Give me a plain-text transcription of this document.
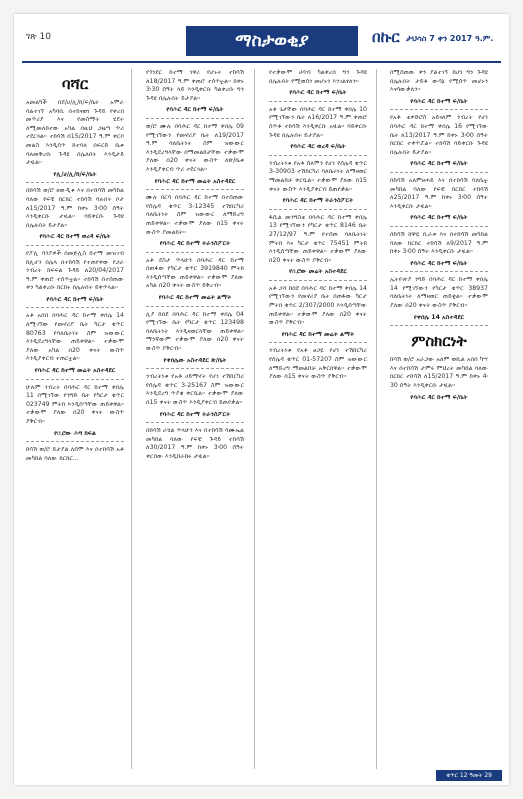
ገጽ 10	ማስታወቂያ	በኩር ታህሳስ 7 ቀን 2017 ዓ.ም.
ባሻር
አመልካች በደ/ሀ/ሊ/ከ/ፍ/ቤት አሞራ ባልተገኘ አካባቢ በተከናወነ ጉዳይ የቀረበ መጥሪያ እና የመስማት ሂደት ለሚመለከተው አካል በዚህ ጋዜጣ ጥሪ ተደርጓል፡፡ ተከሳሽ በ15/2017 ዓ.ም ቀርቦ መልስ እንዲሰጥ ከተባለ በፍርድ ቤቱ ባለመቅረቡ ጉዳዩ በሌለበት እንዲታይ ታዟል፡፡
የሊ/ሀ/ሊ/ከ/ፍ/ቤት
በከሳሽ ወ/ሮ ዘውዲቱ እና በተከሳሽ መካከል ባለው የፍቺ ክርክር ተከሳሽ ባሉበት ቦታ ለ15/2017 ዓ.ም ከቀኑ 3፡00 ሰዓት እንዲቀርቡ ታዟል፡፡ ባይቀርቡ ጉዳዩ በሌሉበት ይታያል፡፡
የባሕር ዳር ከተማ ወረዳ ፍ/ቤት
የፖሊ ባንያዎች በመጅሊስ ከተማ መዝገብ ከሊሆን በሌላ በተከሳሽ የተጠየቀው የጋራ ንብረት ክፍፍል ጉዳይ ለ20/04/2017 ዓ.ም ቀጠሮ ተሰጥቷል፡፡ ተከሳሽ በተሰጠው ቀን ካልቀረቡ ክርክሩ በሌሉበት ይቀጥላል፡፡
የባሕር ዳር ከተማ ፍ/ቤት
አቶ አበበ በባሕር ዳር ከተማ ቀበሌ 14 ለሚገኘው የመኖሪያ ቤት ካርታ ቁጥር 80763 የባለቤትነት ስም ዝውውር እንዲደረግላቸው ጠይቀዋል፡፡ ተቃውሞ ያለው አካል በ20 ቀናት ውስጥ እንዲያቀርብ ተጠርቷል፡፡
የባሕር ዳር ከተማ መሬት አስተዳደር
ሁሉም ንብረት በባሕር ዳር ከተማ ቀበሌ 11 በሚገኘው የንግድ ቤት የካርታ ቁጥር 023749 ምትክ እንዲሰጣቸው ጠይቀዋል፡፡ ተቃውሞ ያለው በ20 ቀናት ውስጥ ያቅርብ፡፡
የቢሮው ሕግ ክፍል
ከሳሽ ወ/ሮ ይታያል ለሰሞ እና በተከሳሽ አቶ መካከል ባለው ክርክር...
የጎንደር ከተማ ነዋሪ የሆኑት ተከሳሽ ለ18/2017 ዓ.ም ቀጠሮ ተሰጥቷል፡፡ ከቀኑ 3፡30 ሰዓት ላይ እንዲቀርቡ ካልቀረቡ ግን ጉዳዩ በሌሉበት ይታያል፡፡
የባሕር ዳር ከተማ ፍ/ቤት
ወ/ሮ ሙሉ በባሕር ዳር ከተማ ቀበሌ 09 የሚገኘውን የመኖሪያ ቤት ለ19/2017 ዓ.ም ባለቤትነት ስም ዝውውር እንዲደረግላቸው በማመልከታቸው ተቃውሞ ያለው በ20 ቀናት ውስጥ ለጽ/ቤቱ እንዲያቀርብ ጥሪ ተደርጓል፡፡
የባሕር ዳር ከተማ መሬት አስተዳደር
ሙሉ በርሳ በባሕር ዳር ከተማ በተሰጠው የሰሌዳ ቁጥር 3-12345 ተሽከርካሪ ባለቤትነት ስም ዝውውር ለማድረግ ጠይቀዋል፡፡ ተቃውሞ ያለው በ15 ቀናት ውስጥ ያመልክት፡፡
የባሕር ዳር ከተማ ትራንስፖርት
አቶ ደስታ ጥላሁን በባሕር ዳር ከተማ በጠፋው የካርታ ቁጥር 3919840 ምትክ እንዲሰጣቸው ጠይቀዋል፡፡ ተቃውሞ ያለው አካል በ20 ቀናት ውስጥ ይቅረብ፡፡
የባሕር ዳር ከተማ መሬት ልማት
ሊያ ከበደ በባሕር ዳር ከተማ ቀበሌ 04 የሚገኘው ቤት የካርታ ቁጥር 123498 ባለቤትነት እንዲዛወርላቸው ጠይቀዋል፡፡ ማንኛውም ተቃውሞ ያለው በ20 ቀናት ውስጥ ያቅርብ፡፡
የቀበሌው አስተዳደር ጽ/ቤት
ንብረትነቱ የአቶ ሀይማኖት የሆነ ተሽከርካሪ የሰሌዳ ቁጥር 3-25167 ስም ዝውውር እንዲደረግ ጥያቄ ቀርቧል፡፡ ተቃውሞ ያለው በ15 ቀናት ውስጥ እንዲያቀርብ ይጠየቃል፡፡
የባሕር ዳር ከተማ ትራንስፖርት
በከሳሽ ራሄል ጥላሁን እና በተከሳሽ ሳሙኤል መካከል ባለው የፍቺ ጉዳይ ተከሳሽ ለ30/2017 ዓ.ም ከቀኑ 3፡00 ሰዓት ቀርበው እንዲከራከሩ ታዟል፡፡
የተቃውሞ ሀሳብ ካልቀረበ ግን ጉዳዩ በሌሉበት የሚወሰን መሆኑን እንገልፃለን፡፡
የባሕር ዳር ከተማ ፍ/ቤት
አቶ ጌታቸው በባሕር ዳር ከተማ ቀበሌ 10 የሚገኘውን ቤት ለ16/2017 ዓ.ም ቀጠሮ ሰጥቶ ተከሳሽ እንዲቀርቡ አዟል፡፡ ባይቀርቡ ጉዳዩ በሌሉበት ይታያል፡፡
የባሕር ዳር ወረዳ ፍ/ቤት
ንብረትነቱ የአቶ ሰለሞን የሆነ የሰሌዳ ቁጥር 3-30903 ተሽከርካሪ ባለቤትነት ለማዛወር ማመልከቻ ቀርቧል፡፡ ተቃውሞ ያለው በ15 ቀናት ውስጥ እንዲያቀርብ ይጠየቃል፡፡
የባሕር ዳር ከተማ ትራንስፖርት
ፋሲል መንግስቴ በባሕር ዳር ከተማ ቀበሌ 13 የሚገኘውን የካርታ ቁጥር 8146 ቤት 27/12/97 ዓ.ም የተሰጠ ባለቤትነት ምትክ እና ካርታ ቁጥር 75451 ምትክ እንዲሰጣቸው ጠይቀዋል፡፡ ተቃውሞ ያለው በ20 ቀናት ውስጥ ያቅርብ፡፡
የቢሮው መሬት አስተዳደር
አቶ ጋሻ ከበደ በባሕር ዳር ከተማ ቀበሌ 14 የሚገኘውን የመኖሪያ ቤት በጠፋው ካርታ ምትክ ቁጥር 2/307/2000 እንዲሰጣቸው ጠይቀዋል፡፡ ተቃውሞ ያለው በ20 ቀናት ውስጥ ያቅርብ፡፡
የባሕር ዳር ከተማ መሬት ልማት
ንብረትነቱ የአቶ ፀጋዬ የሆነ ተሽከርካሪ የሰሌዳ ቁጥር 01-57207 ስም ዝውውር ለማድረግ ማመልከቻ አቅርበዋል፡፡ ተቃውሞ ያለው በ15 ቀናት ውስጥ ያቅርብ፡፡
በሚሰጠው ቀን ያልተገኘ ከሆነ ግን ጉዳዩ በሌሉበት ታይቶ ውሳኔ የሚሰጥ መሆኑን እናሳውቃለን፡፡
የባሕር ዳር ከተማ ፍ/ቤት
የአቶ ቴዎድሮስ አይናለም ንብረት የሆነ በባሕር ዳር ከተማ ቀበሌ 16 የሚገኘው ቤት ለ13/2017 ዓ.ም ከቀኑ 3፡00 ሰዓት ክርክር ተቀጥሯል፡፡ ተከሳሽ ባይቀርቡ ጉዳዩ በሌሉበት ይታያል፡፡
የባሕር ዳር ከተማ ፍ/ቤት
በከሳሽ አለምፀሐይ እና በተከሳሽ ባለቤቷ መካከል ባለው የፍቺ ክርክር ተከሳሽ ለ25/2017 ዓ.ም ከቀኑ 3፡00 ሰዓት እንዲቀርቡ ታዟል፡፡
የባሕር ዳር ከተማ ፍ/ቤት
በከሳሽ ሸዋዬ ቢራቱ እና በተከሳሽ መካከል ባለው ክርክር ተከሳሽ ለ9/2017 ዓ.ም ከቀኑ 3፡00 ሰዓት እንዲቀርቡ ታዟል፡፡
የባሕር ዳር ከተማ ፍ/ቤት
ኢትዮጵያ ንግድ በባሕር ዳር ከተማ ቀበሌ 14 የሚገኘውን የካርታ ቁጥር 38937 ባለቤትነት ለማዛወር ጠይቋል፡፡ ተቃውሞ ያለው በ20 ቀናት ውስጥ ያቅርብ፡፡
የቀበሌ 14 አስተዳደር
ምስክርነት
ከሳሽ ወ/ሮ አራጋው አለም ወኪል አበበ ካሣ እና በተከሳሽ ታምሩ ምህረት መካከል ባለው ክርክር ተከሳሽ ለ15/2017 ዓ.ም ከቀኑ 4፡30 ሰዓት እንዲቀርቡ ታዟል፡፡
የባሕር ዳር ከተማ ፍ/ቤት
ቁጥር 12 ዓመት 29
